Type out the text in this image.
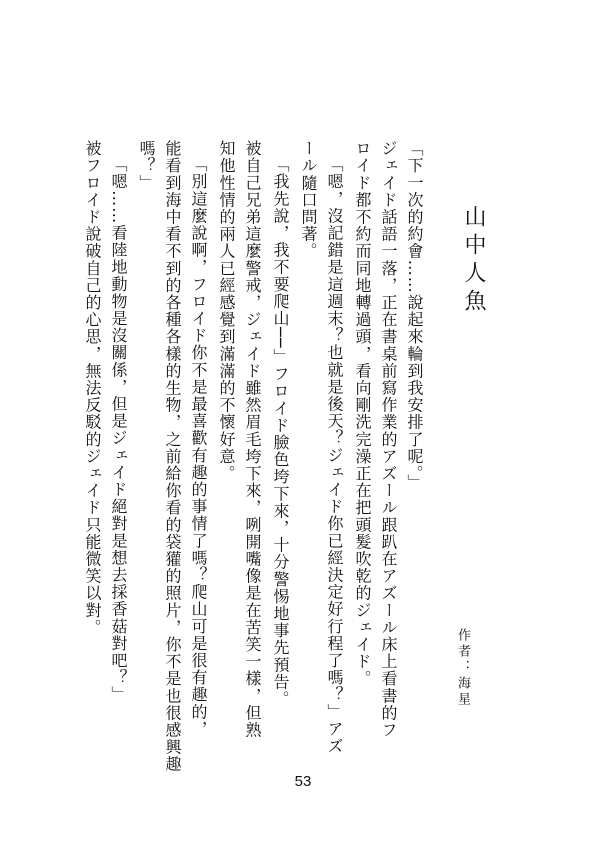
山中人魚
作者：海星
「下一次的約會……說起來輪到我安排了呢。」
ジェイド話語一落，正在書桌前寫作業的アズール跟趴在アズール床上看書的フ
ロイド都不約而同地轉過頭，看向剛洗完澡正在把頭髮吹乾的ジェイド。
「嗯，沒記錯是這週末？也就是後天？ジェイド你已經決定好行程了嗎？」アズ
ール隨口問著。
「我先說，我不要爬山──」フロイド臉色垮下來，十分警惕地事先預告。
被自己兄弟這麼警戒，ジェイド雖然眉毛垮下來，咧開嘴像是在苦笑一樣，但熟
知他性情的兩人已經感覺到滿滿的不懷好意。
「別這麼說啊，フロイド你不是最喜歡有趣的事情了嗎？爬山可是很有趣的，
能看到海中看不到的各種各樣的生物，之前給你看的袋獾的照片，你不是也很感興趣
嗎？」
「嗯……看陸地動物是沒關係，但是ジェイド絕對是想去採香菇對吧？」
被フロイド說破自己的心思，無法反駁的ジェイド只能微笑以對。
53
